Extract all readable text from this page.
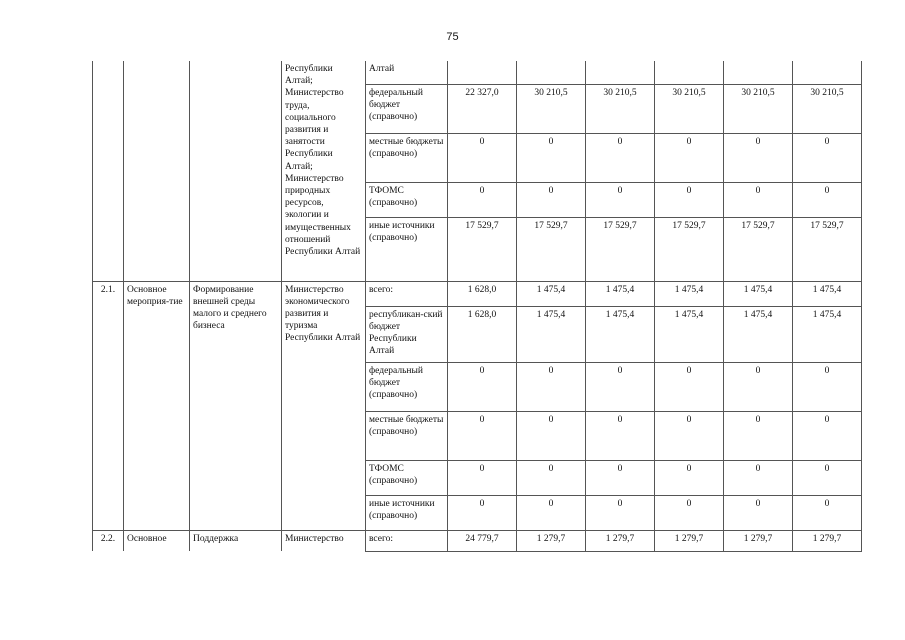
75
			Республики Алтай; Министерство труда, социального развития и занятости Республики Алтай; Министерство природных ресурсов, экологии и имущественных отношений Республики Алтай	Алтай						
				федеральный бюджет (справочно)	22 327,0	30 210,5	30 210,5	30 210,5	30 210,5	30 210,5
				местные бюджеты (справочно)	0	0	0	0	0	0
				ТФОМС (справочно)	0	0	0	0	0	0
				иные источники (справочно)	17 529,7	17 529,7	17 529,7	17 529,7	17 529,7	17 529,7
2.1.	Основное мероприя-тие	Формирование внешней среды малого и среднего бизнеса	Министерство экономического развития и туризма Республики Алтай	всего:	1 628,0	1 475,4	1 475,4	1 475,4	1 475,4	1 475,4
				республикан-ский бюджет Республики Алтай	1 628,0	1 475,4	1 475,4	1 475,4	1 475,4	1 475,4
				федеральный бюджет (справочно)	0	0	0	0	0	0
				местные бюджеты (справочно)	0	0	0	0	0	0
				ТФОМС (справочно)	0	0	0	0	0	0
				иные источники (справочно)	0	0	0	0	0	0
2.2.	Основное	Поддержка	Министерство	всего:	24 779,7	1 279,7	1 279,7	1 279,7	1 279,7	1 279,7
